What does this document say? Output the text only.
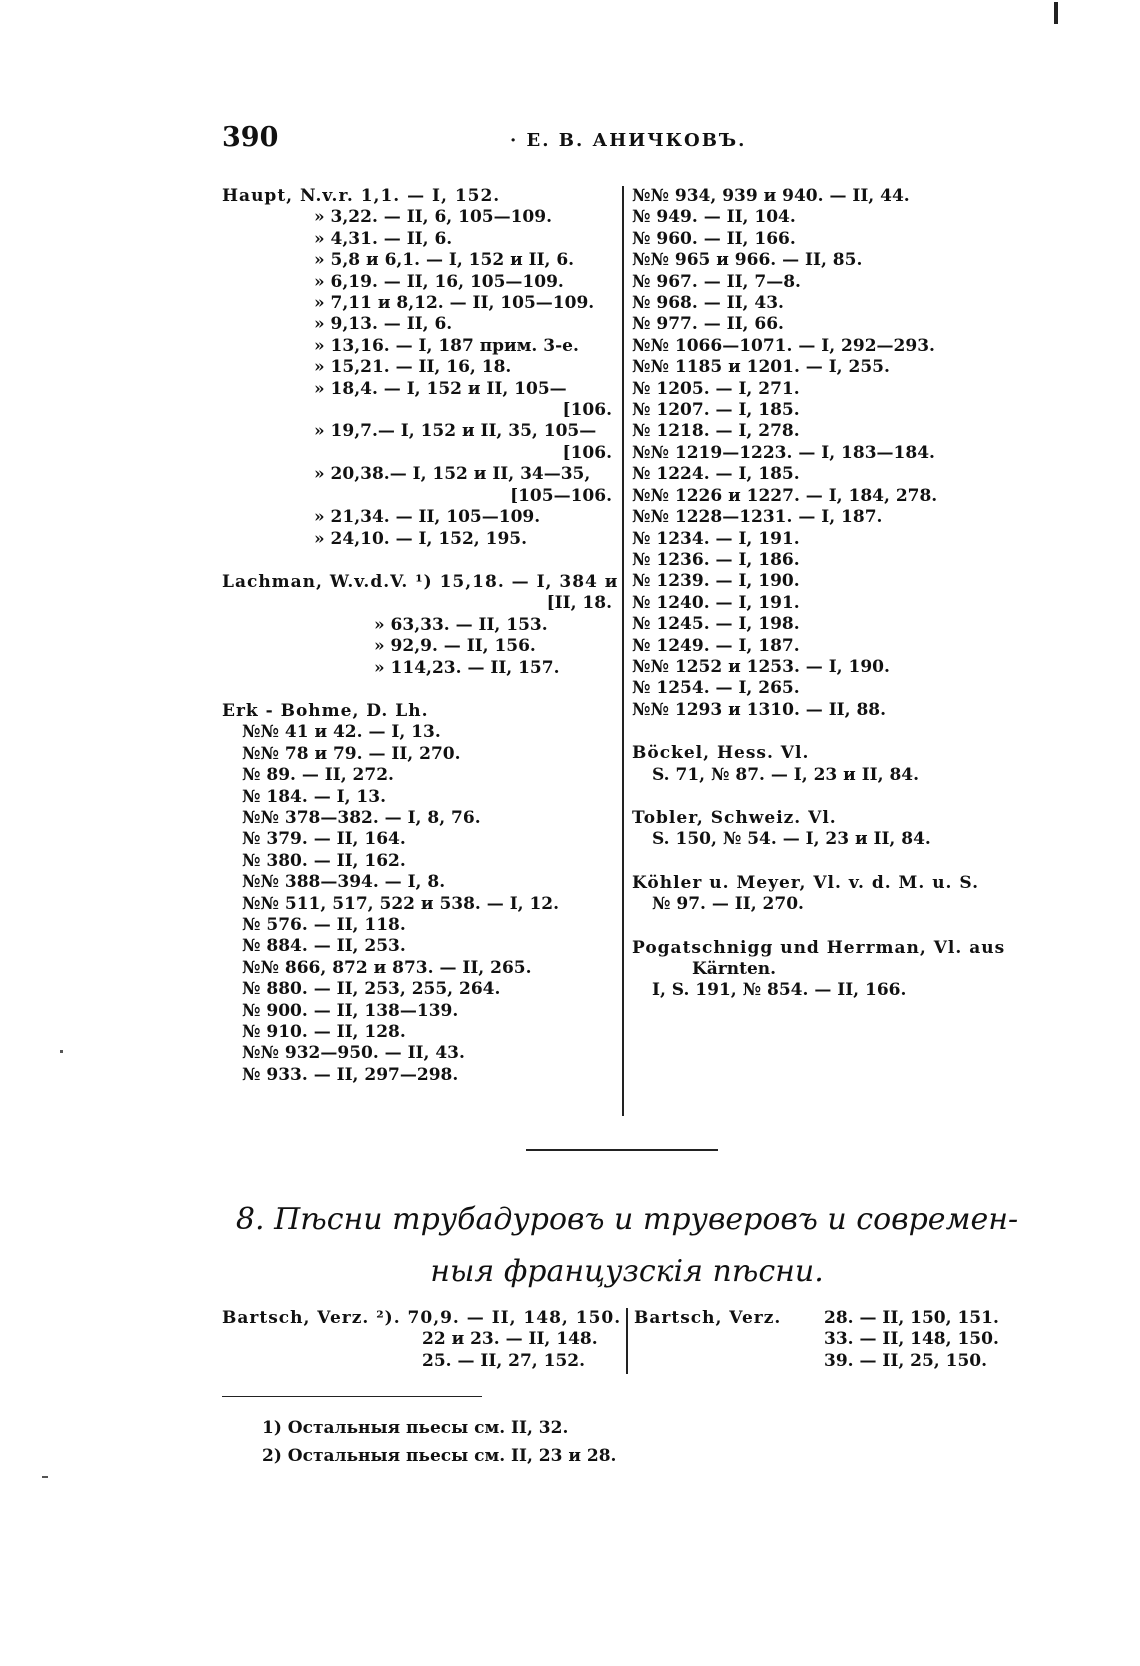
390	· Е. В. АНИЧКОВЪ.
Haupt, N.v.r. 1,1. — I, 152.
» 3,22. — II, 6, 105—109.
» 4,31. — II, 6.
» 5,8 и 6,1. — I, 152 и II, 6.
» 6,19. — II, 16, 105—109.
» 7,11 и 8,12. — II, 105—109.
» 9,13. — II, 6.
» 13,16. — I, 187 прим. 3-е.
» 15,21. — II, 16, 18.
» 18,4. — I, 152 и II, 105—
[106.
» 19,7.— I, 152 и II, 35, 105—
[106.
» 20,38.— I, 152 и II, 34—35,
[105—106.
» 21,34. — II, 105—109.
» 24,10. — I, 152, 195.
Lachman, W.v.d.V. ¹) 15,18. — I, 384 и
[II, 18.
» 63,33. — II, 153.
» 92,9. — II, 156.
» 114,23. — II, 157.
Erk - Bohme, D. Lh.
№№ 41 и 42. — I, 13.
№№ 78 и 79. — II, 270.
№ 89. — II, 272.
№ 184. — I, 13.
№№ 378—382. — I, 8, 76.
№ 379. — II, 164.
№ 380. — II, 162.
№№ 388—394. — I, 8.
№№ 511, 517, 522 и 538. — I, 12.
№ 576. — II, 118.
№ 884. — II, 253.
№№ 866, 872 и 873. — II, 265.
№ 880. — II, 253, 255, 264.
№ 900. — II, 138—139.
№ 910. — II, 128.
№№ 932—950. — II, 43.
№ 933. — II, 297—298.
№№ 934, 939 и 940. — II, 44.
№ 949. — II, 104.
№ 960. — II, 166.
№№ 965 и 966. — II, 85.
№ 967. — II, 7—8.
№ 968. — II, 43.
№ 977. — II, 66.
№№ 1066—1071. — I, 292—293.
№№ 1185 и 1201. — I, 255.
№ 1205. — I, 271.
№ 1207. — I, 185.
№ 1218. — I, 278.
№№ 1219—1223. — I, 183—184.
№ 1224. — I, 185.
№№ 1226 и 1227. — I, 184, 278.
№№ 1228—1231. — I, 187.
№ 1234. — I, 191.
№ 1236. — I, 186.
№ 1239. — I, 190.
№ 1240. — I, 191.
№ 1245. — I, 198.
№ 1249. — I, 187.
№№ 1252 и 1253. — I, 190.
№ 1254. — I, 265.
№№ 1293 и 1310. — II, 88.
Böckel, Hess. Vl.
S. 71, № 87. — I, 23 и II, 84.
Tobler, Schweiz. Vl.
S. 150, № 54. — I, 23 и II, 84.
Köhler u. Meyer, Vl. v. d. M. u. S.
№ 97. — II, 270.
Pogatschnigg und Herrman, Vl. aus
Kärnten.
I, S. 191, № 854. — II, 166.
8. Пѣсни трубадуровъ и труверовъ и современ-
ныя французскія пѣсни.
Bartsch, Verz. ²). 70,9. — II, 148, 150.
22 и 23. — II, 148.
25. — II, 27, 152.
Bartsch, Verz.	28. — II, 150, 151.
33. — II, 148, 150.
39. — II, 25, 150.
1) Остальныя пьесы см. II, 32.
2) Остальныя пьесы см. II, 23 и 28.
